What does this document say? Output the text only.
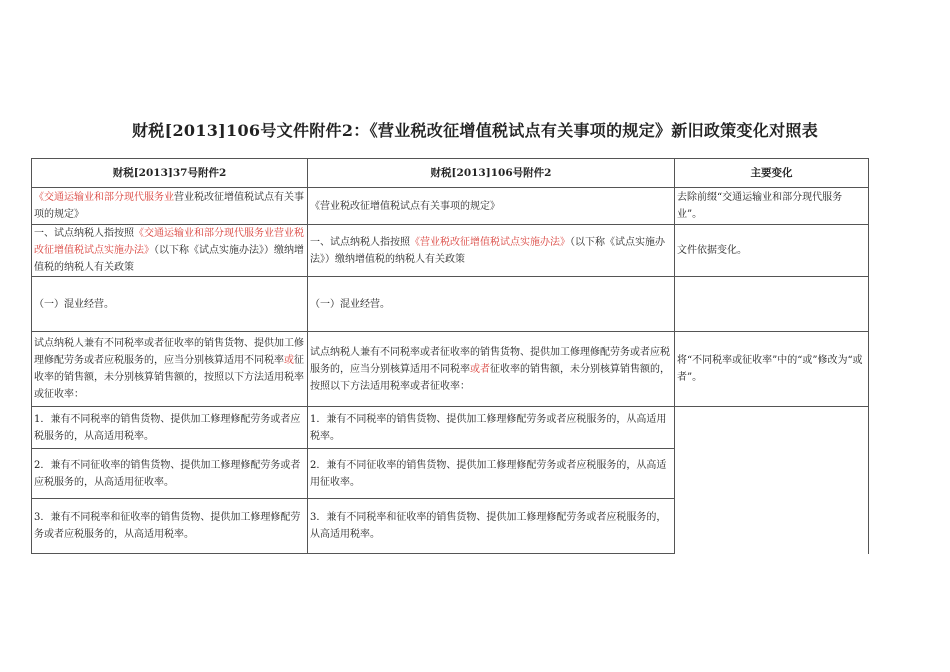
财税[2013]106号文件附件2：《营业税改征增值税试点有关事项的规定》新旧政策变化对照表
财税[2013]37号附件2	财税[2013]106号附件2	主要变化
《交通运输业和部分现代服务业营业税改征增值税试点有关事项的规定》	《营业税改征增值税试点有关事项的规定》	去除前缀“交通运输业和部分现代服务业”。
一、试点纳税人指按照《交通运输业和部分现代服务业营业税改征增值税试点实施办法》（以下称《试点实施办法》）缴纳增值税的纳税人有关政策	一、试点纳税人指按照《营业税改征增值税试点实施办法》（以下称《试点实施办法》）缴纳增值税的纳税人有关政策	文件依据变化。
（一）混业经营。	（一）混业经营。	
试点纳税人兼有不同税率或者征收率的销售货物、提供加工修理修配劳务或者应税服务的，应当分别核算适用不同税率或征收率的销售额，未分别核算销售额的，按照以下方法适用税率或征收率：	试点纳税人兼有不同税率或者征收率的销售货物、提供加工修理修配劳务或者应税服务的，应当分别核算适用不同税率或者征收率的销售额，未分别核算销售额的，按照以下方法适用税率或者征收率：	将“不同税率或征收率”中的“或”修改为“或者”。
1．兼有不同税率的销售货物、提供加工修理修配劳务或者应税服务的，从高适用税率。	1．兼有不同税率的销售货物、提供加工修理修配劳务或者应税服务的，从高适用税率。	
2．兼有不同征收率的销售货物、提供加工修理修配劳务或者应税服务的，从高适用征收率。	2．兼有不同征收率的销售货物、提供加工修理修配劳务或者应税服务的，从高适用征收率。	
3．兼有不同税率和征收率的销售货物、提供加工修理修配劳务或者应税服务的，从高适用税率。	3．兼有不同税率和征收率的销售货物、提供加工修理修配劳务或者应税服务的，从高适用税率。	
